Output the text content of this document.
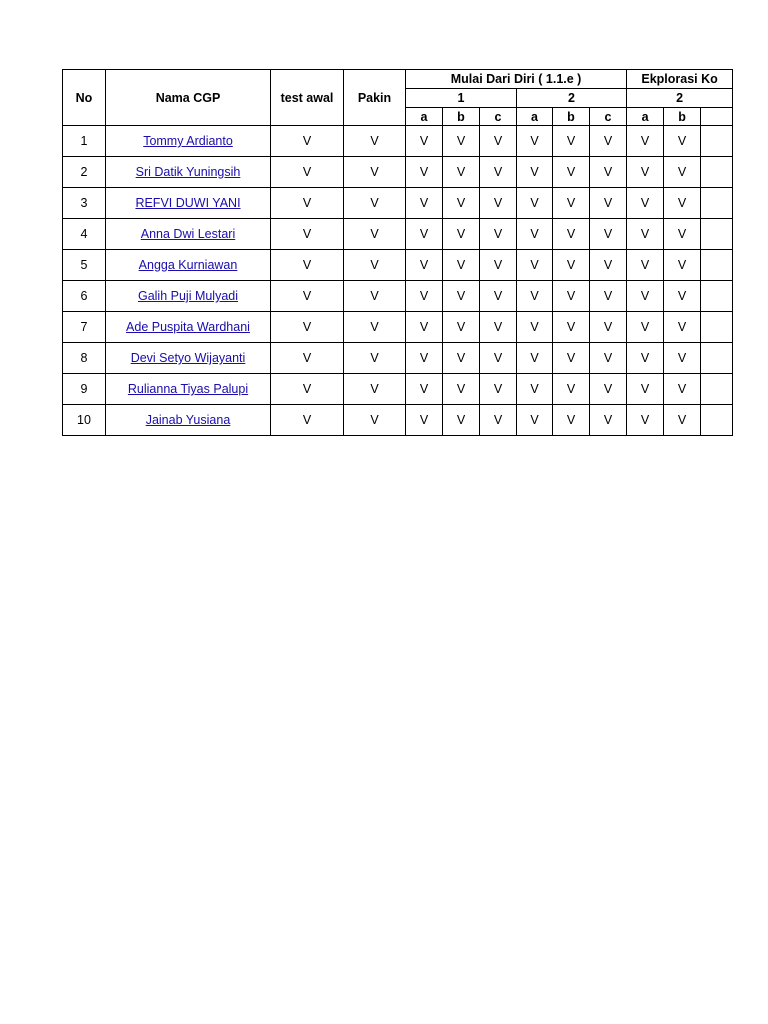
No	Nama CGP	test awal	Pakin	Mulai Dari Diri ( 1.1.e )						Ekplorasi Ko		
				1			2			2		
				a	b	c	a	b	c	a	b	
1	Tommy Ardianto	V	V	V	V	V	V	V	V	V	V	
2	Sri Datik Yuningsih	V	V	V	V	V	V	V	V	V	V	
3	REFVI DUWI YANI	V	V	V	V	V	V	V	V	V	V	
4	Anna Dwi Lestari	V	V	V	V	V	V	V	V	V	V	
5	Angga Kurniawan	V	V	V	V	V	V	V	V	V	V	
6	Galih Puji Mulyadi	V	V	V	V	V	V	V	V	V	V	
7	Ade Puspita Wardhani	V	V	V	V	V	V	V	V	V	V	
8	Devi Setyo Wijayanti	V	V	V	V	V	V	V	V	V	V	
9	Rulianna Tiyas Palupi	V	V	V	V	V	V	V	V	V	V	
10	Jainab Yusiana	V	V	V	V	V	V	V	V	V	V	
